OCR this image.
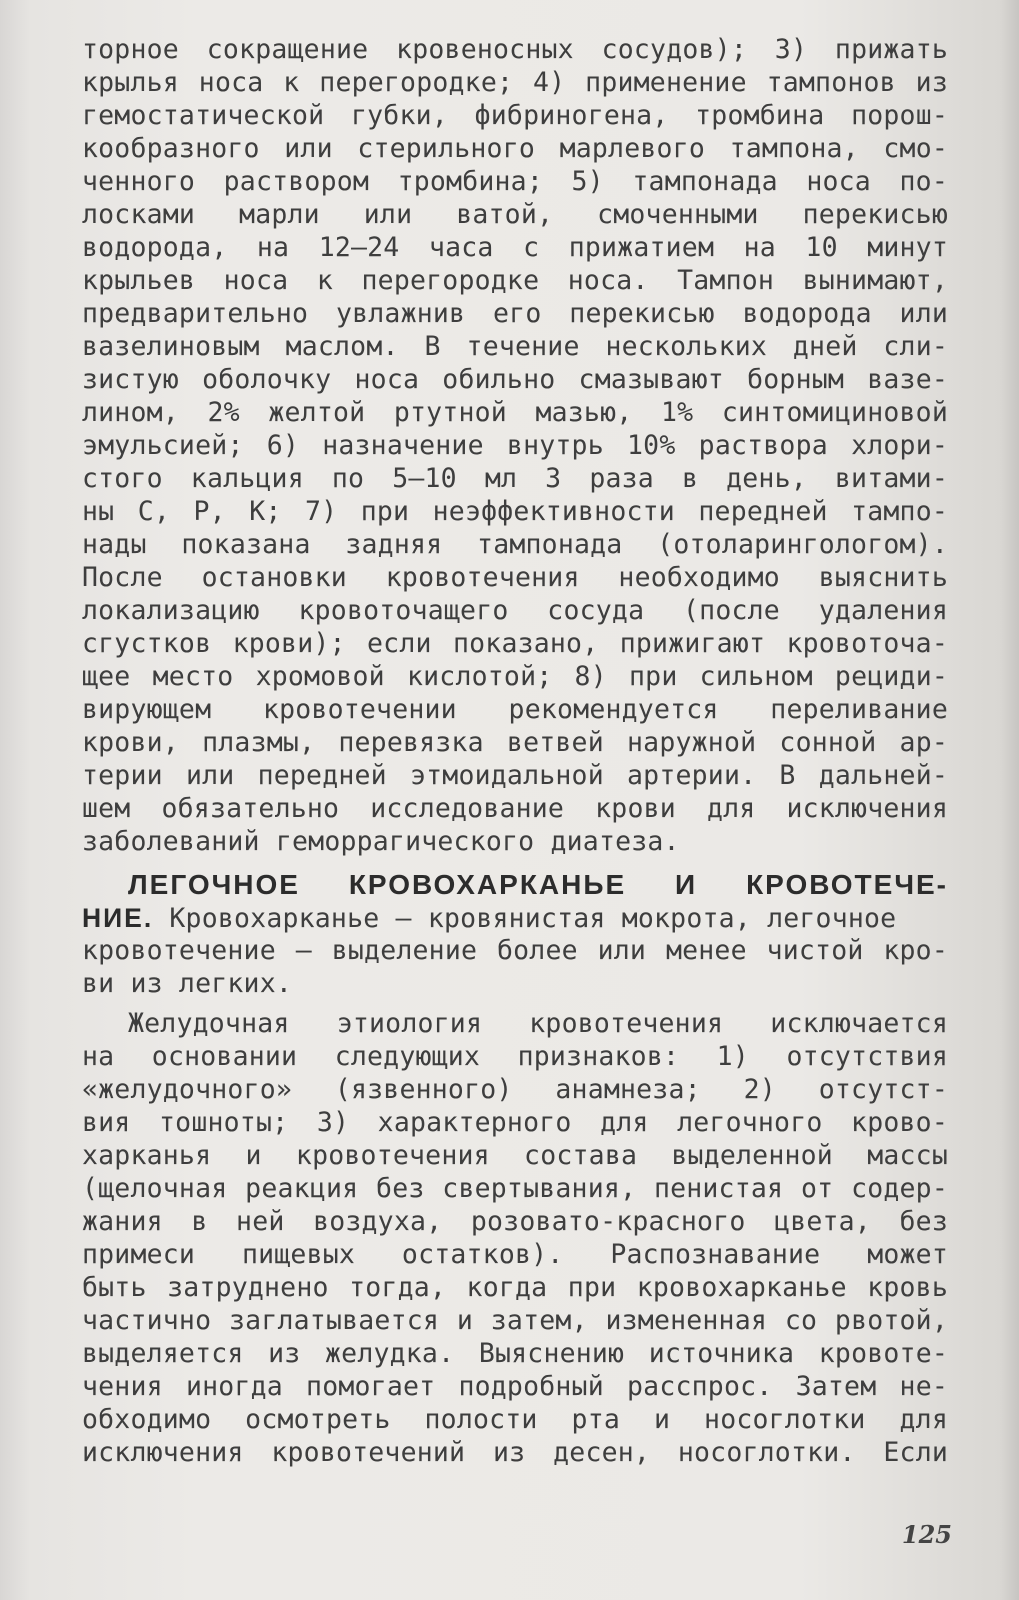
торное сокращение кровеносных сосудов); 3) прижать

крылья носа к перегородке; 4) применение тампонов из

гемостатической губки, фибриногена, тромбина порош-

кообразного или стерильного марлевого тампона, смо-

ченного раствором тромбина; 5) тампонада носа по-

лосками марли или ватой, смоченными перекисью

водорода, на 12—24 часа с прижатием на 10 минут

крыльев носа к перегородке носа. Тампон вынимают,

предварительно увлажнив его перекисью водорода или

вазелиновым маслом. В течение нескольких дней сли-

зистую оболочку носа обильно смазывают борным вазе-

лином, 2% желтой ртутной мазью, 1% синтомициновой

эмульсией; 6) назначение внутрь 10% раствора хлори-

стого кальция по 5—10 мл 3 раза в день, витами-

ны С, Р, К; 7) при неэффективности передней тампо-

нады показана задняя тампонада (отоларингологом).

После остановки кровотечения необходимо выяснить

локализацию кровоточащего сосуда (после удаления

сгустков крови); если показано, прижигают кровоточа-

щее место хромовой кислотой; 8) при сильном рециди-

вирующем кровотечении рекомендуется переливание

крови, плазмы, перевязка ветвей наружной сонной ар-

терии или передней этмоидальной артерии. В дальней-

шем обязательно исследование крови для исключения

заболеваний геморрагического диатеза.

ЛЕГОЧНОЕ КРОВОХАРКАНЬЕ И КРОВОТЕЧЕ-

НИЕ. Кровохарканье — кровянистая мокрота, легочное

кровотечение — выделение более или менее чистой кро-

ви из легких.

Желудочная этиология кровотечения исключается

на основании следующих признаков: 1) отсутствия

«желудочного» (язвенного) анамнеза; 2) отсутст-

вия тошноты; 3) характерного для легочного крово-

харканья и кровотечения состава выделенной массы

(щелочная реакция без свертывания, пенистая от содер-

жания в ней воздуха, розовато-красного цвета, без

примеси пищевых остатков). Распознавание может

быть затруднено тогда, когда при кровохарканье кровь

частично заглатывается и затем, измененная со рвотой,

выделяется из желудка. Выяснению источника кровоте-

чения иногда помогает подробный расспрос. Затем не-

обходимо осмотреть полости рта и носоглотки для

исключения кровотечений из десен, носоглотки. Если

125
